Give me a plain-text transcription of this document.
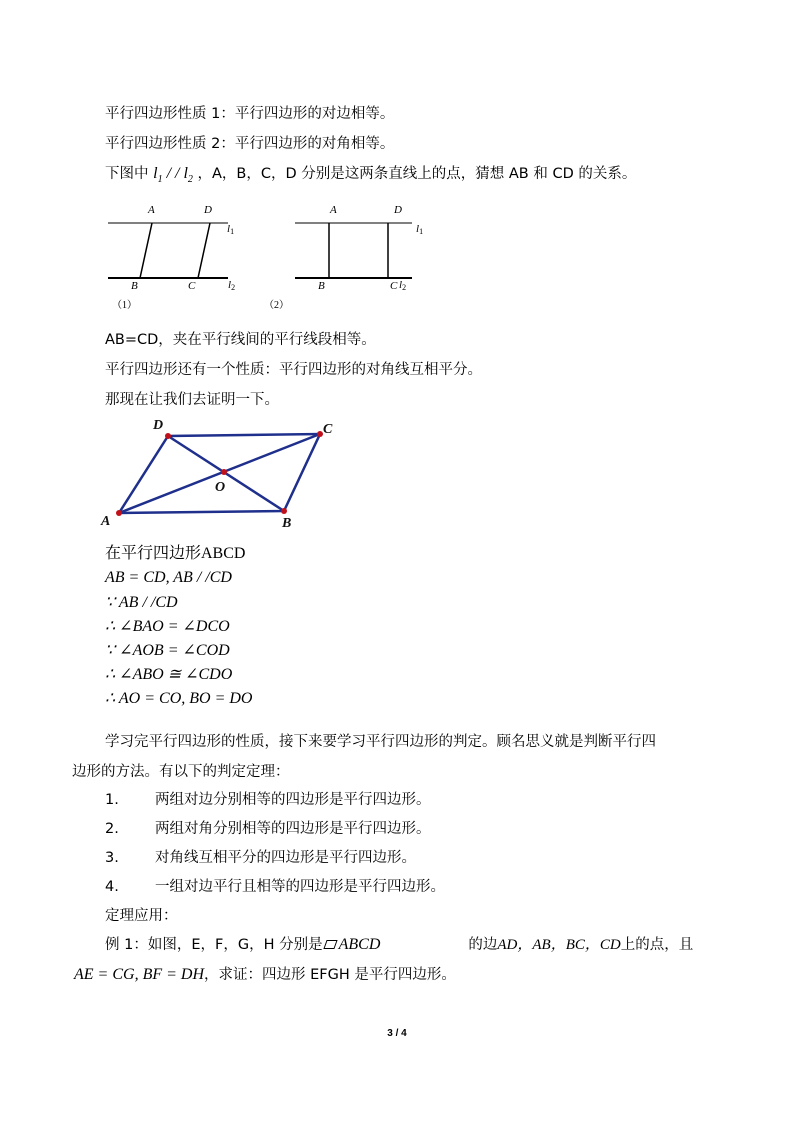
平行四边形性质 1：平行四边形的对边相等。
平行四边形性质 2：平行四边形的对角相等。
下图中 $l_1$ / / $l_2$ ，A，B，C，D 分别是这两条直线上的点，猜想 AB 和 CD 的关系。
A	D
B	C
l1
l2
（1）
A	D
B	C
l1
l2
（2）
AB=CD，夹在平行线间的平行线段相等。
平行四边形还有一个性质：平行四边形的对角线互相平分。
那现在让我们去证明一下。
A	B
C
D
O
在平行四边形ABCD
AB = CD, AB / /CD
∵ AB / /CD
∴ ∠BAO = ∠DCO
∵ ∠AOB = ∠COD
∴ ∠ABO ≅ ∠CDO
∴ AO = CO, BO = DO
学习完平行四边形的性质，接下来要学习平行四边形的判定。顾名思义就是判断平行四
边形的方法。有以下的判定定理：
1. 两组对边分别相等的四边形是平行四边形。
2. 两组对角分别相等的四边形是平行四边形。
3. 对角线互相平分的四边形是平行四边形。
4. 一组对边平行且相等的四边形是平行四边形。
定理应用：
例 1：如图，E，F，G，H 分别是 ABCD	的边AD，AB，BC，CD上的点，且
AE = CG, BF = DH，求证：四边形 EFGH 是平行四边形。
3 / 4
